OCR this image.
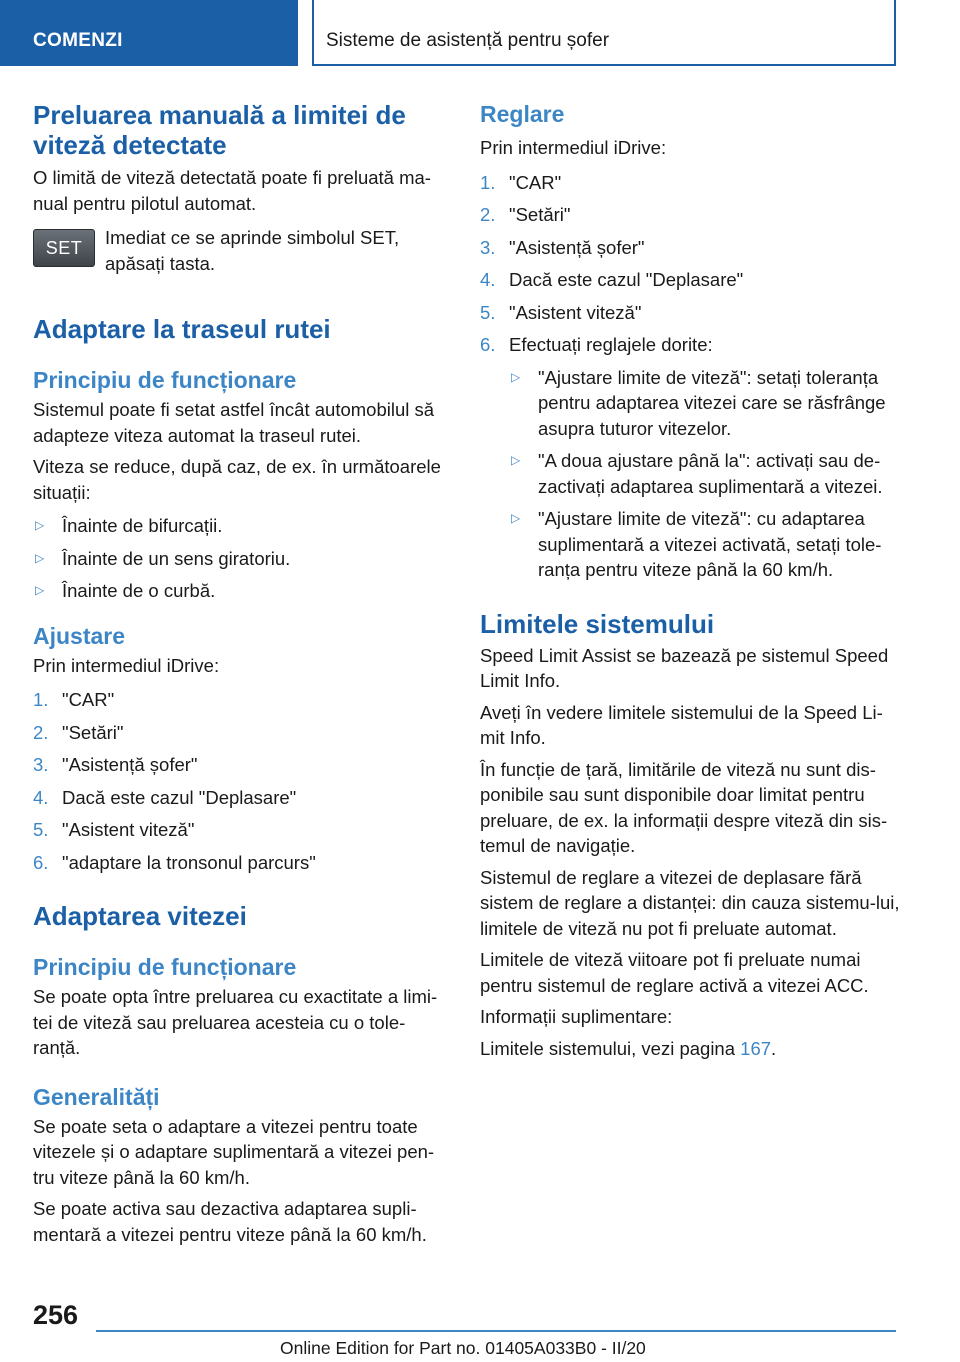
COMENZI	Sisteme de asistență pentru șofer
Preluarea manuală a limitei de viteză detectate

O limită de viteză detectată poate fi preluată ma-nual pentru pilotul automat.

SET	Imediat ce se aprinde simbolul SET, apăsați tasta.

Adaptare la traseul rutei
Principiu de funcționare

Sistemul poate fi setat astfel încât automobilul să adapteze viteza automat la traseul rutei.

Viteza se reduce, după caz, de ex. în următoarele situații:

▷ Înainte de bifurcații.
▷ Înainte de un sens giratoriu.
▷ Înainte de o curbă.
Ajustare

Prin intermediul iDrive:

1. "CAR"
2. "Setări"
3. "Asistență șofer"
4. Dacă este cazul "Deplasare"
5. "Asistent viteză"
6. "adaptare la tronsonul parcurs"
Adaptarea vitezei
Principiu de funcționare

Se poate opta între preluarea cu exactitate a limi-tei de viteză sau preluarea acesteia cu o tole-ranță.

Generalități

Se poate seta o adaptare a vitezei pentru toate vitezele și o adaptare suplimentară a vitezei pen-tru viteze până la 60 km/h.

Se poate activa sau dezactiva adaptarea supli-mentară a vitezei pentru viteze până la 60 km/h.

Reglare

Prin intermediul iDrive:

1. "CAR"
2. "Setări"
3. "Asistență șofer"
4. Dacă este cazul "Deplasare"
5. "Asistent viteză"
6. Efectuați reglajele dorite:
▷ "Ajustare limite de viteză": setați toleranța pentru adaptarea vitezei care se răsfrânge asupra tuturor vitezelor.
▷ "A doua ajustare până la": activați sau de-zactivați adaptarea suplimentară a vitezei.
▷ "Ajustare limite de viteză": cu adaptarea suplimentară a vitezei activată, setați tole-ranța pentru viteze până la 60 km/h.
Limitele sistemului

Speed Limit Assist se bazează pe sistemul Speed Limit Info.

Aveți în vedere limitele sistemului de la Speed Li-mit Info.

În funcție de țară, limitările de viteză nu sunt dis-ponibile sau sunt disponibile doar limitat pentru preluare, de ex. la informații despre viteză din sis-temul de navigație.

Sistemul de reglare a vitezei de deplasare fără sistem de reglare a distanței: din cauza sistemu-lui, limitele de viteză nu pot fi preluate automat.

Limitele de viteză viitoare pot fi preluate numai pentru sistemul de reglare activă a vitezei ACC.

Informații suplimentare:

Limitele sistemului, vezi pagina 167.

256
Online Edition for Part no. 01405A033B0 - II/20
